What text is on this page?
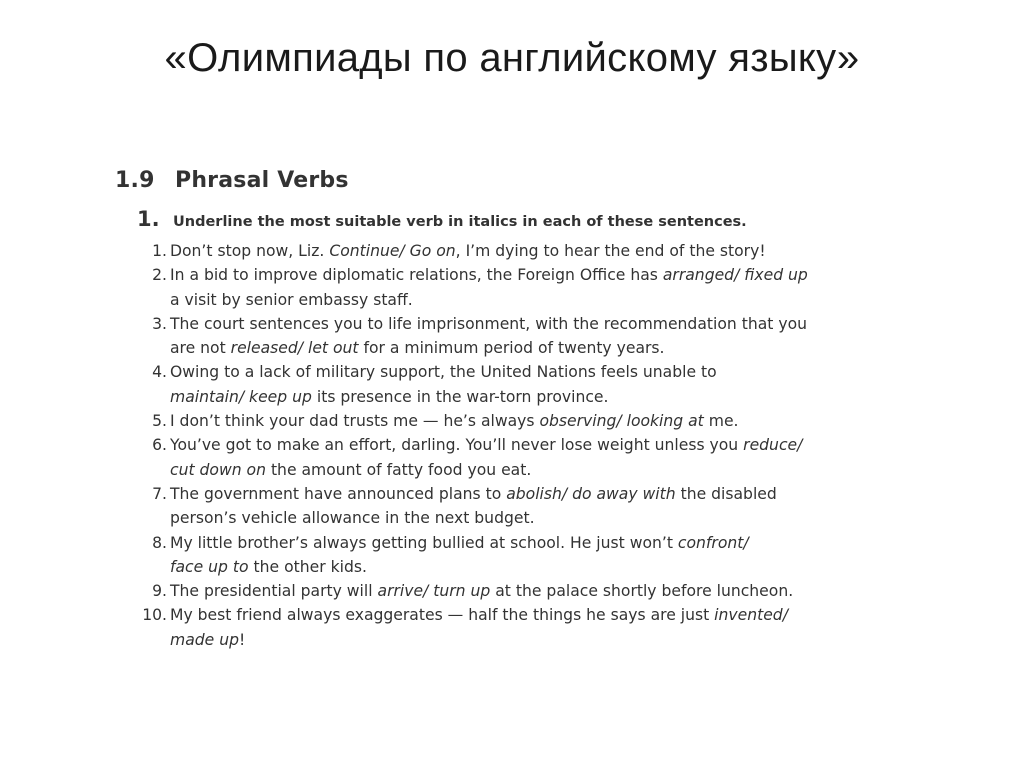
«Олимпиады по английскому языку»
1.9 Phrasal Verbs
1. Underline the most suitable verb in italics in each of these sentences.
1. Don’t stop now, Liz. Continue/ Go on, I’m dying to hear the end of the story!
2. In a bid to improve diplomatic relations, the Foreign Office has arranged/ fixed up
a visit by senior embassy staff.
3. The court sentences you to life imprisonment, with the recommendation that you
are not released/ let out for a minimum period of twenty years.
4. Owing to a lack of military support, the United Nations feels unable to
maintain/ keep up its presence in the war-torn province.
5. I don’t think your dad trusts me — he’s always observing/ looking at me.
6. You’ve got to make an effort, darling. You’ll never lose weight unless you reduce/
cut down on the amount of fatty food you eat.
7. The government have announced plans to abolish/ do away with the disabled
person’s vehicle allowance in the next budget.
8. My little brother’s always getting bullied at school. He just won’t confront/
face up to the other kids.
9. The presidential party will arrive/ turn up at the palace shortly before luncheon.
10. My best friend always exaggerates — half the things he says are just invented/
made up!
